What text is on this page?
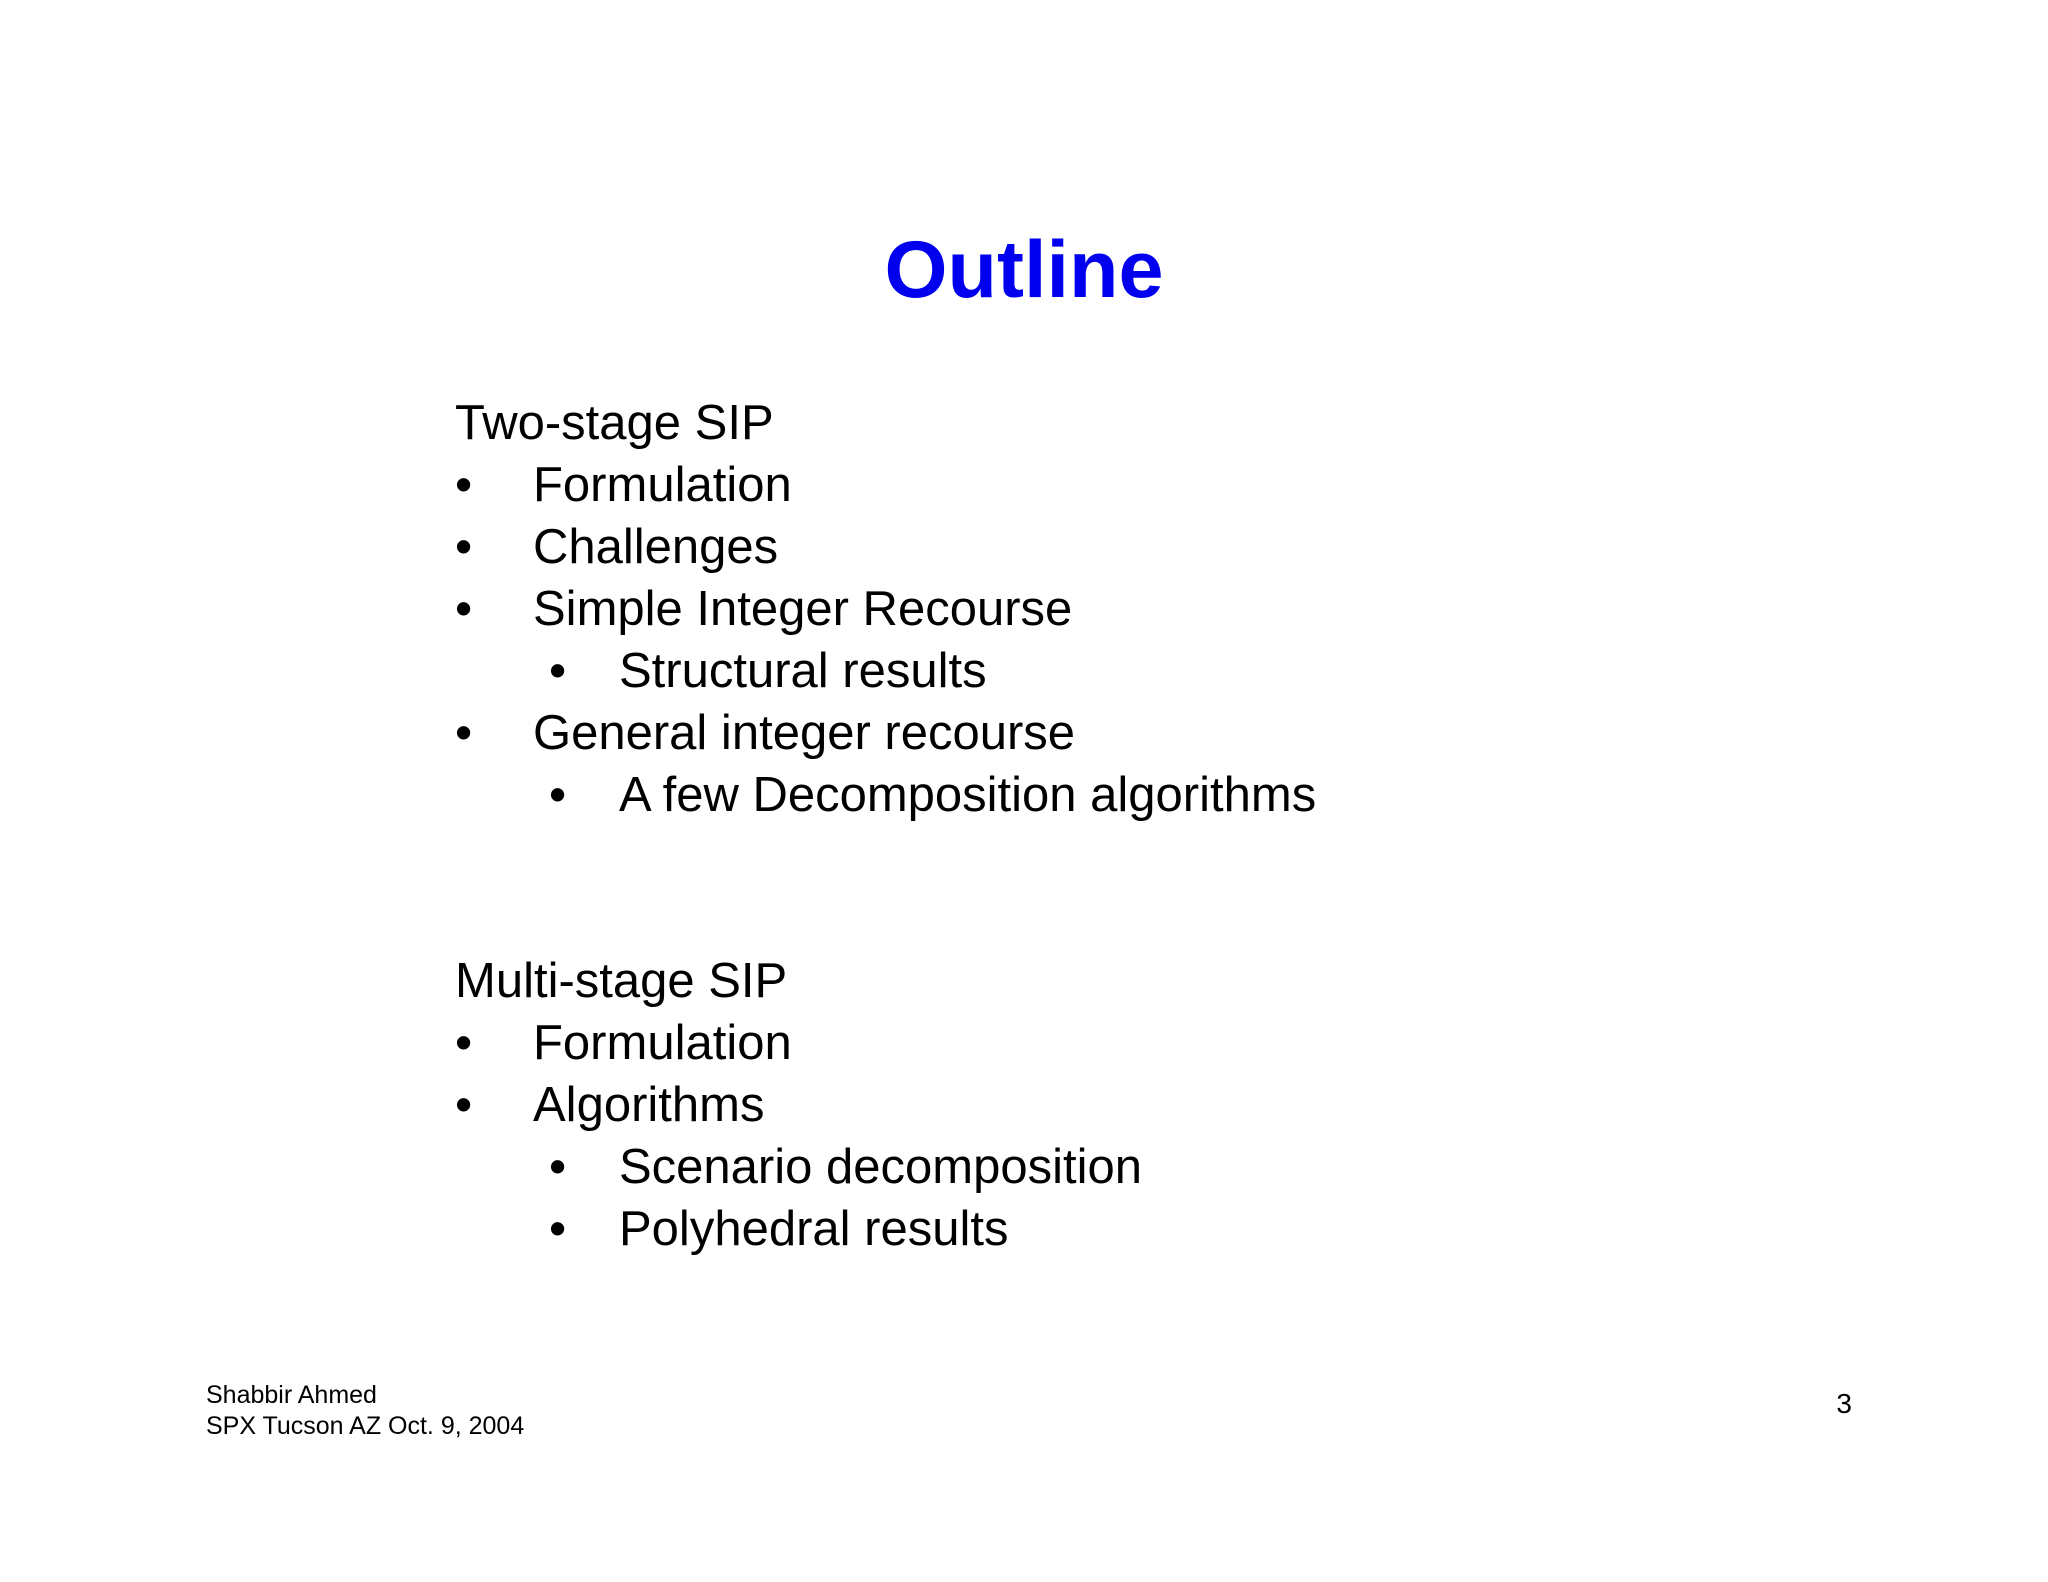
Outline
Two-stage SIP
• Formulation
• Challenges
• Simple Integer Recourse
• Structural results
• General integer recourse
• A few Decomposition algorithms
Multi-stage SIP
• Formulation
• Algorithms
• Scenario decomposition
• Polyhedral results
Shabbir Ahmed
SPX Tucson AZ Oct. 9, 2004
3
